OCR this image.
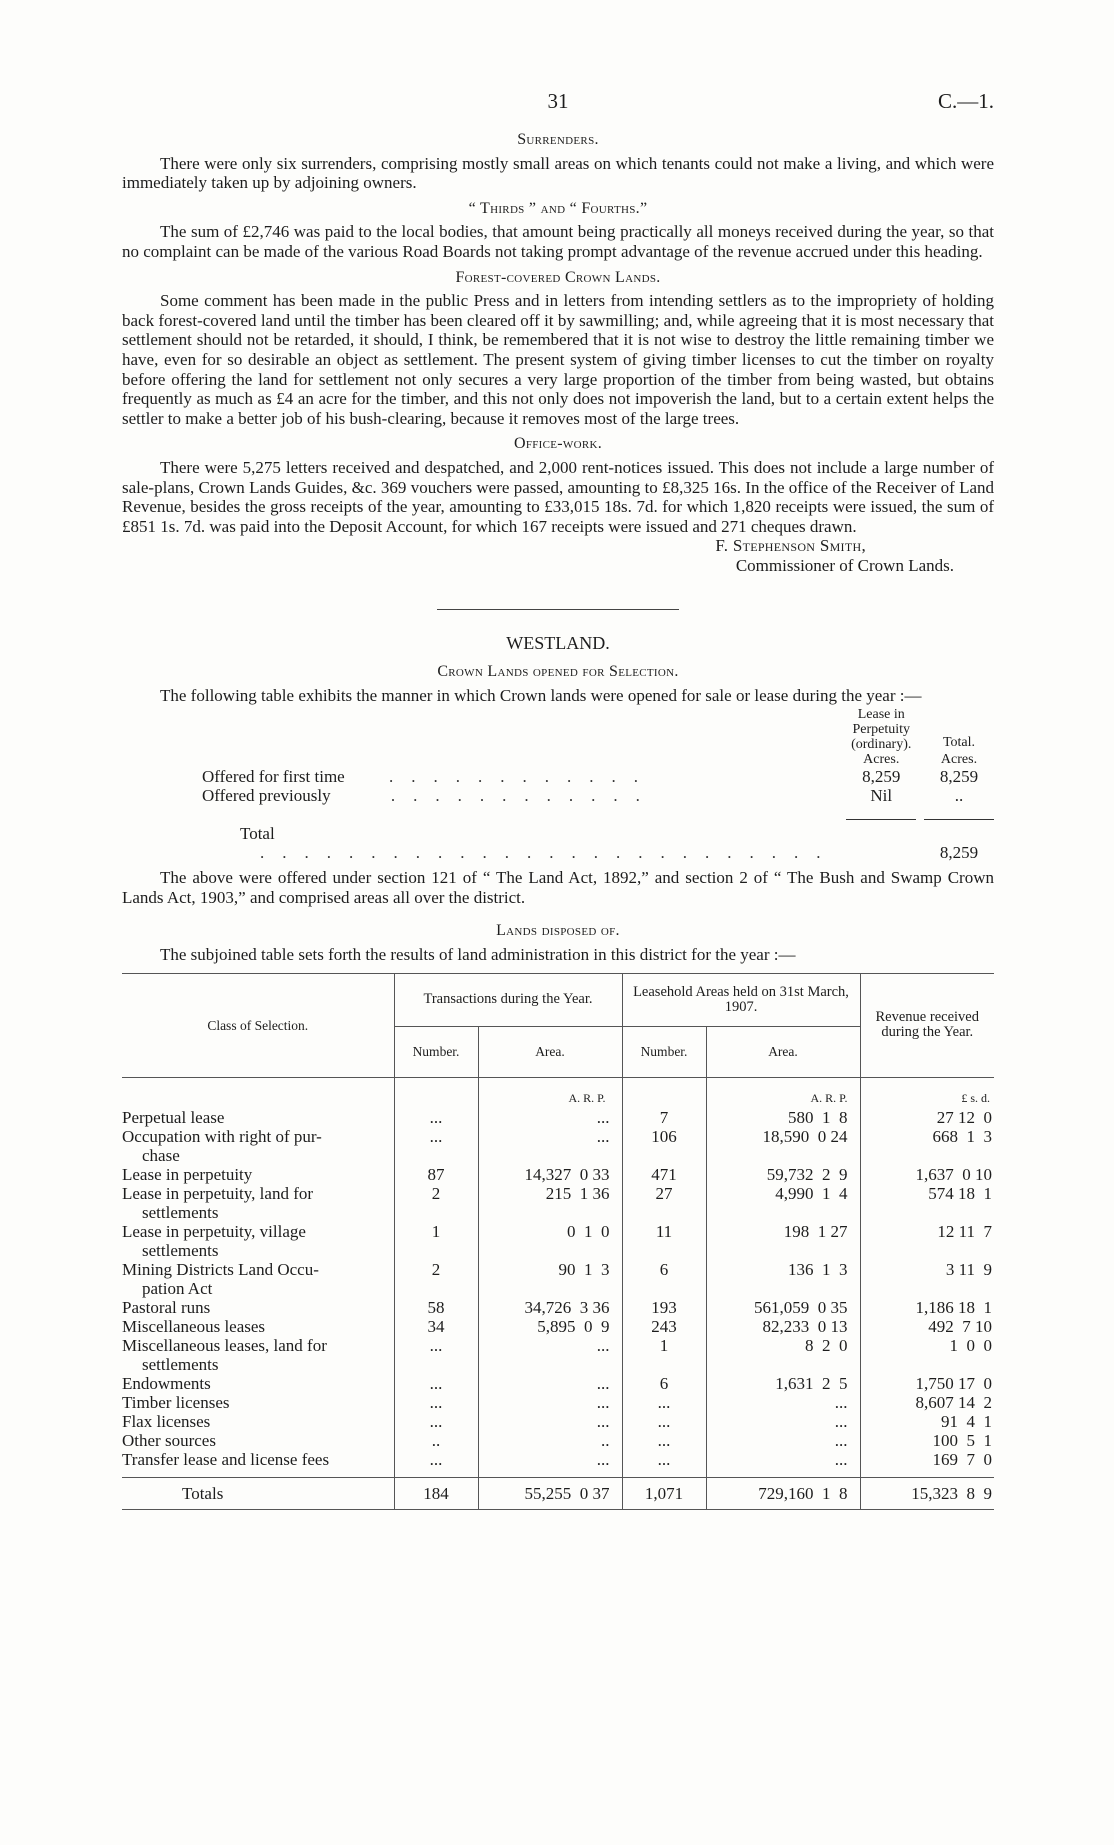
31	C.—1.
Surrenders.

There were only six surrenders, comprising mostly small areas on which tenants could not make a living, and which were immediately taken up by adjoining owners.

“ Thirds ” and “ Fourths.”

The sum of £2,746 was paid to the local bodies, that amount being practically all moneys received during the year, so that no complaint can be made of the various Road Boards not taking prompt advantage of the revenue accrued under this heading.

Forest-covered Crown Lands.

Some comment has been made in the public Press and in letters from intending settlers as to the impropriety of holding back forest-covered land until the timber has been cleared off it by sawmilling; and, while agreeing that it is most necessary that settlement should not be retarded, it should, I think, be remembered that it is not wise to destroy the little remaining timber we have, even for so desirable an object as settlement. The present system of giving timber licenses to cut the timber on royalty before offering the land for settlement not only secures a very large proportion of the timber from being wasted, but obtains frequently as much as £4 an acre for the timber, and this not only does not impoverish the land, but to a certain extent helps the settler to make a better job of his bush-clearing, because it removes most of the large trees.

Office-work.

There were 5,275 letters received and despatched, and 2,000 rent-notices issued. This does not include a large number of sale-plans, Crown Lands Guides, &c. 369 vouchers were passed, amounting to £8,325 16s. In the office of the Receiver of Land Revenue, besides the gross receipts of the year, amounting to £33,015 18s. 7d. for which 1,820 receipts were issued, the sum of £851 1s. 7d. was paid into the Deposit Account, for which 167 receipts were issued and 271 cheques drawn.

F. Stephenson Smith,
Commissioner of Crown Lands.
WESTLAND.
Crown Lands opened for Selection.

The following table exhibits the manner in which Crown lands were opened for sale or lease during the year :—

	Lease in Perpetuity (ordinary).	Total.
	Acres.	Acres.
Offered for first time ............	8,259	8,259
Offered previously ............	Nil	..

Total ..........................		8,259

The above were offered under section 121 of “ The Land Act, 1892,” and section 2 of “ The Bush and Swamp Crown Lands Act, 1903,” and comprised areas all over the district.

Lands disposed of.

The subjoined table sets forth the results of land administration in this district for the year :—

Class of Selection.	Transactions during the Year.		Leasehold Areas held on 31st March, 1907.		Revenue received during the Year.
	Number.	Area.	Number.	Area.	
		A. R. P.		A. R. P.	£ s. d.

Perpetual lease	...	...	7	580  1  8	27 12  0

Occupation with right of pur-
chase	...	...	106	18,590  0 24	668  1  3

Lease in perpetuity	87	14,327  0 33	471	59,732  2  9	1,637  0 10

Lease in perpetuity, land for
settlements	2	215  1 36	27	4,990  1  4	574 18  1

Lease in perpetuity, village
settlements	1	0  1  0	11	198  1 27	12 11  7

Mining Districts Land Occu-
pation Act	2	90  1  3	6	136  1  3	3 11  9

Pastoral runs	58	34,726  3 36	193	561,059  0 35	1,186 18  1

Miscellaneous leases	34	5,895  0  9	243	82,233  0 13	492  7 10

Miscellaneous leases, land for
settlements	...	...	1	8  2  0	1  0  0

Endowments	...	...	6	1,631  2  5	1,750 17  0

Timber licenses	...	...	...	...	8,607 14  2

Flax licenses	...	...	...	...	91  4  1

Other sources	..	..	...	...	100  5  1

Transfer lease and license fees	...	...	...	...	169  7  0

Totals	184	55,255  0 37	1,071	729,160  1  8	15,323  8  9
